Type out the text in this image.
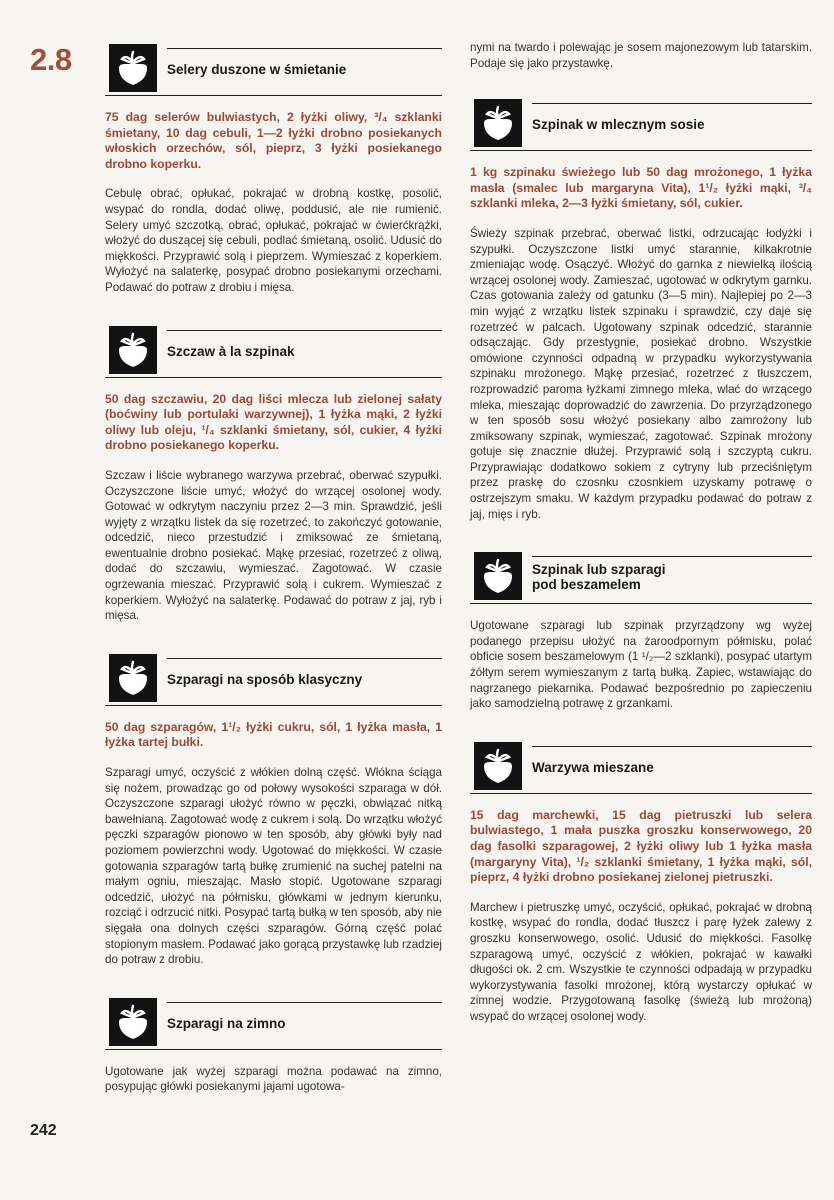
2.8
242
Selery duszone w śmietanie

75 dag selerów bulwiastych, 2 łyżki oliwy, ³/₄ szklanki śmietany, 10 dag cebuli, 1—2 łyżki drobno posiekanych włoskich orzechów, sól, pieprz, 3 łyżki posiekanego drobno koperku.

Cebulę obrać, opłukać, pokrajać w drobną kostkę, posolić, wsypać do rondla, dodać oliwę, poddusić, ale nie rumienić. Selery umyć szczotką, obrać, opłukać, pokrajać w ćwierćkrążki, włożyć do duszącej się cebuli, podlać śmietaną, osolić. Udusić do miękkości. Przyprawić solą i pieprzem. Wymieszać z koperkiem. Wyłożyć na salaterkę, posypać drobno posiekanymi orzechami. Podawać do potraw z drobiu i mięsa.

Szczaw à la szpinak

50 dag szczawiu, 20 dag liści mlecza lub zielonej sałaty (boćwiny lub portulaki warzywnej), 1 łyżka mąki, 2 łyżki oliwy lub oleju, ¹/₄ szklanki śmietany, sól, cukier, 4 łyżki drobno posiekanego koperku.

Szczaw i liście wybranego warzywa przebrać, oberwać szypułki. Oczyszczone liście umyć, włożyć do wrzącej osolonej wody. Gotować w odkrytym naczyniu przez 2—3 min. Sprawdzić, jeśli wyjęty z wrzątku listek da się rozetrzeć, to zakończyć gotowanie, odcedzić, nieco przestudzić i zmiksować ze śmietaną, ewentualnie drobno posiekać. Mąkę przesiać, rozetrzeć z oliwą, dodać do szczawiu, wymieszać. Zagotować. W czasie ogrzewania mieszać. Przyprawić solą i cukrem. Wymieszać z koperkiem. Wyłożyć na salaterkę. Podawać do potraw z jaj, ryb i mięsa.

Szparagi na sposób klasyczny

50 dag szparagów, 1¹/₂ łyżki cukru, sól, 1 łyżka masła, 1 łyżka tartej bułki.

Szparagi umyć, oczyścić z włókien dolną część. Włókna ściąga się nożem, prowadząc go od połowy wysokości szparaga w dół. Oczyszczone szparagi ułożyć równo w pęczki, obwiązać nitką bawełnianą. Zagotować wodę z cukrem i solą. Do wrzątku włożyć pęczki szparagów pionowo w ten sposób, aby główki były nad poziomem powierzchni wody. Ugotować do miękkości. W czasie gotowania szparagów tartą bułkę zrumienić na suchej patelni na małym ogniu, mieszając. Masło stopić. Ugotowane szparagi odcedzić, ułożyć na półmisku, główkami w jednym kierunku, rozciąć i odrzucić nitki. Posypać tartą bułką w ten sposób, aby nie sięgała ona dolnych części szparagów. Górną część polać stopionym masłem. Podawać jako gorącą przystawkę lub rzadziej do potraw z drobiu.

Szparagi na zimno

Ugotowane jak wyżej szparagi można podawać na zimno, posypując główki posiekanymi jajami ugotowa-

nymi na twardo i polewając je sosem majonezowym lub tatarskim. Podaje się jako przystawkę.

Szpinak w mlecznym sosie

1 kg szpinaku świeżego lub 50 dag mrożonego, 1 łyżka masła (smalec lub margaryna Vita), 1¹/₂ łyżki mąki, ³/₄ szklanki mleka, 2—3 łyżki śmietany, sól, cukier.

Świeży szpinak przebrać, oberwać listki, odrzucając łodyżki i szypułki. Oczyszczone listki umyć starannie, kilkakrotnie zmieniając wodę. Osączyć. Włożyć do garnka z niewielką ilością wrzącej osolonej wody. Zamieszać, ugotować w odkrytym garnku. Czas gotowania zależy od gatunku (3—5 min). Najlepiej po 2—3 min wyjąć z wrzątku listek szpinaku i sprawdzić, czy daje się rozetrzeć w palcach. Ugotowany szpinak odcedzić, starannie odsączając. Gdy przestygnie, posiekać drobno. Wszystkie omówione czynności odpadną w przypadku wykorzystywania szpinaku mrożonego. Mąkę przesiać, rozetrzeć z tłuszczem, rozprowadzić paroma łyżkami zimnego mleka, wlać do wrzącego mleka, mieszając doprowadzić do zawrzenia. Do przyrządzonego w ten sposób sosu włożyć posiekany albo zamrożony lub zmiksowany szpinak, wymieszać, zagotować. Szpinak mrożony gotuje się znacznie dłużej. Przyprawić solą i szczyptą cukru. Przyprawiając dodatkowo sokiem z cytryny lub przeciśniętym przez praskę do czosnku czosnkiem uzyskamy potrawę o ostrzejszym smaku. W każdym przypadku podawać do potraw z jaj, mięs i ryb.

Szpinak lub szparagi
pod beszamelem

Ugotowane szparagi lub szpinak przyrządzony wg wyżej podanego przepisu ułożyć na żaroodpornym półmisku, polać obficie sosem beszamelowym (1 ¹/₂—2 szklanki), posypać utartym żółtym serem wymieszanym z tartą bułką. Zapiec, wstawiając do nagrzanego piekarnika. Podawać bezpośrednio po zapieczeniu jako samodzielną potrawę z grzankami.

Warzywa mieszane

15 dag marchewki, 15 dag pietruszki lub selera bulwiastego, 1 mała puszka groszku konserwowego, 20 dag fasolki szparagowej, 2 łyżki oliwy lub 1 łyżka masła (margaryny Vita), ¹/₂ szklanki śmietany, 1 łyżka mąki, sól, pieprz, 4 łyżki drobno posiekanej zielonej pietruszki.

Marchew i pietruszkę umyć, oczyścić, opłukać, pokrajać w drobną kostkę, wsypać do rondla, dodać tłuszcz i parę łyżek zalewy z groszku konserwowego, osolić. Udusić do miękkości. Fasolkę szparagową umyć, oczyścić z włókien, pokrajać w kawałki długości ok. 2 cm. Wszystkie te czynności odpadają w przypadku wykorzystywania fasolki mrożonej, którą wystarczy opłukać w zimnej wodzie. Przygotowaną fasolkę (świeżą lub mrożoną) wsypać do wrzącej osolonej wody.
